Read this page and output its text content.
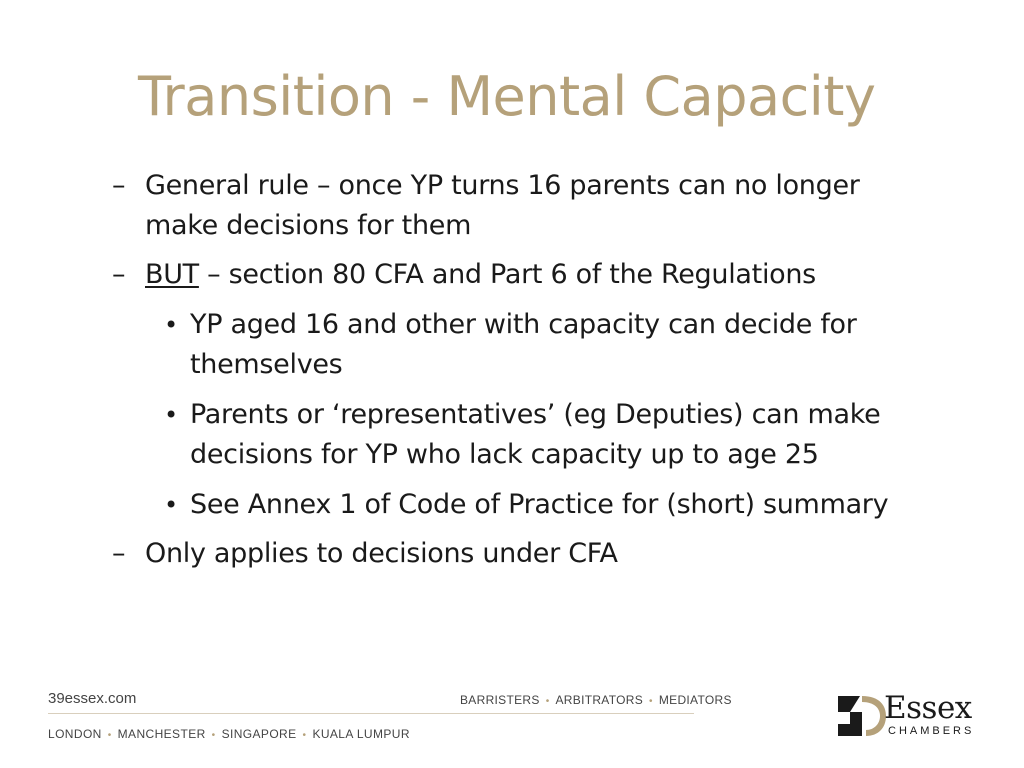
Transition - Mental Capacity
– General rule – once YP turns 16 parents can no longer
make decisions for them
– BUT – section 80 CFA and Part 6 of the Regulations
• YP aged 16 and other with capacity can decide for
themselves
• Parents or ‘representatives’ (eg Deputies) can make
decisions for YP who lack capacity up to age 25
• See Annex 1 of Code of Practice for (short) summary
– Only applies to decisions under CFA
39essex.com	BARRISTERS • ARBITRATORS • MEDIATORS
LONDON • MANCHESTER • SINGAPORE • KUALA LUMPUR
Essex
CHAMBERS
